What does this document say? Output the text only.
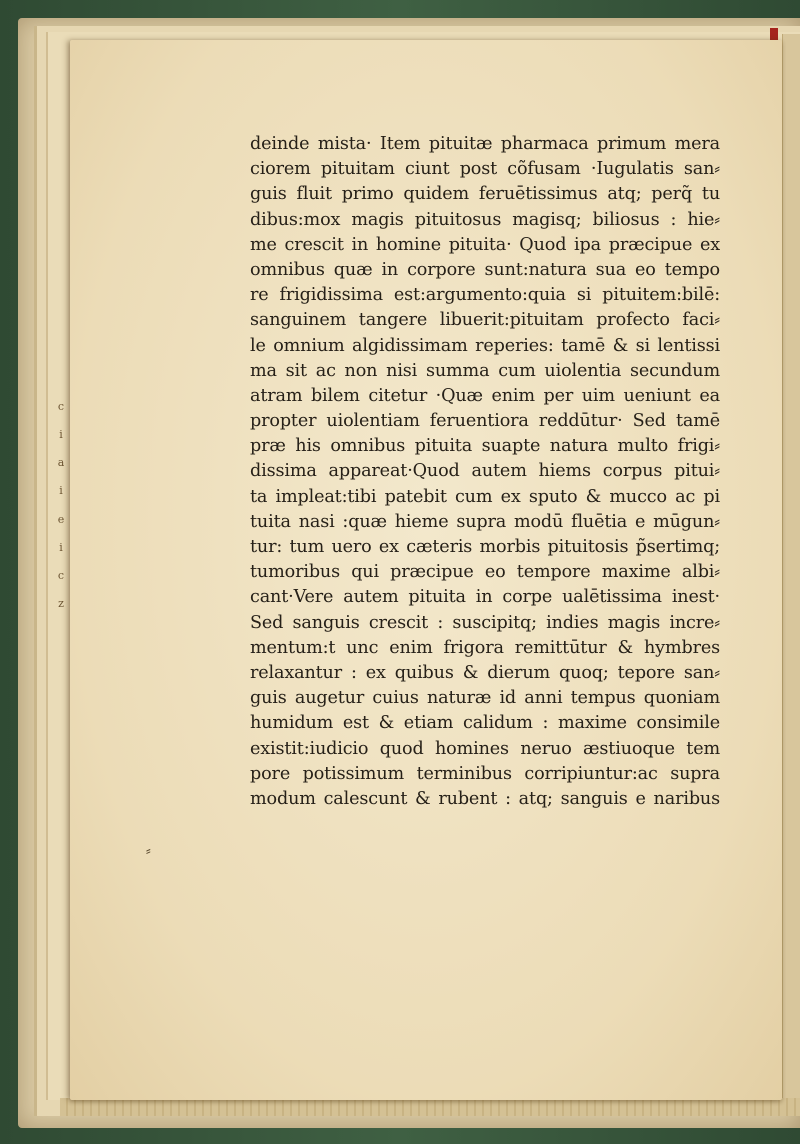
c
i
a
i
e
i
c
z
deinde mista· Item pituitæ pharmaca primum mera
ciorem pituitam ciunt post cõfusam ·Iugulatis san⸗
guis fluit primo quidem feruētissimus atq; perq̃ tu
dibus:mox magis pituitosus magisq; biliosus : hie⸗
me crescit in homine pituita· Quod ipa præcipue ex
omnibus quæ in corpore sunt:natura sua eo tempo
re frigidissima est:argumento:quia si pituitem:bilē:
sanguinem tangere libuerit:pituitam profecto faci⸗
le omnium algidissimam reperies: tamē & si lentissi
ma sit ac non nisi summa cum uiolentia secundum
atram bilem citetur ·Quæ enim per uim ueniunt ea
propter uiolentiam feruentiora reddūtur· Sed tamē
præ his omnibus pituita suapte natura multo frigi⸗
dissima appareat·Quod autem hiems corpus pitui⸗
ta impleat:tibi patebit cum ex sputo & mucco ac pi
tuita nasi :quæ hieme supra modū fluētia e mūgun⸗
tur: tum uero ex cæteris morbis pituitosis p̃sertimq;
tumoribus qui præcipue eo tempore maxime albi⸗
cant·Vere autem pituita in corpe ualētissima inest·
Sed sanguis crescit : suscipitq; indies magis incre⸗
mentum:t unc enim frigora remittūtur & hymbres
relaxantur : ex quibus & dierum quoq; tepore san⸗
guis augetur cuius naturæ id anni tempus quoniam
humidum est & etiam calidum : maxime consimile
existit:iudicio quod homines neruo æstiuoque tem
pore potissimum terminibus corripiuntur:ac supra
modum calescunt & rubent : atq; sanguis e naribus
⸗
